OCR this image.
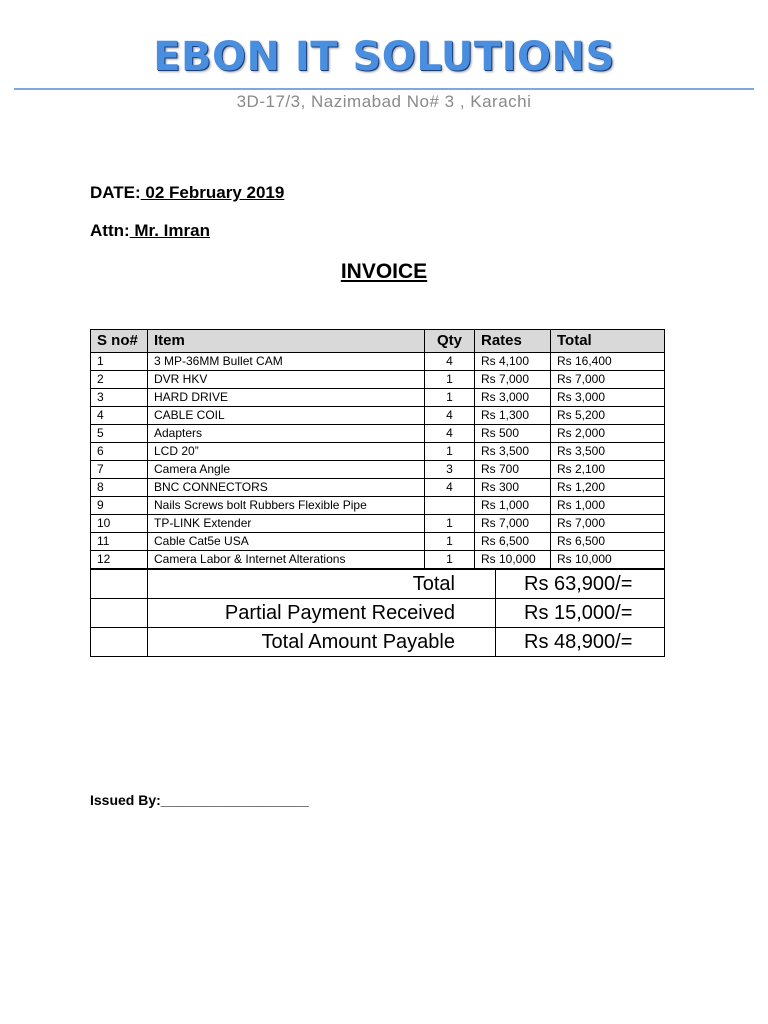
EBON IT SOLUTIONS
3D-17/3, Nazimabad No# 3 , Karachi
DATE: 02 February 2019
Attn: Mr. Imran
INVOICE
S no#	Item	Qty	Rates	Total
1	3 MP-36MM Bullet CAM	4	Rs 4,100	Rs 16,400
2	DVR HKV	1	Rs 7,000	Rs 7,000
3	HARD DRIVE	1	Rs 3,000	Rs 3,000
4	CABLE COIL	4	Rs 1,300	Rs 5,200
5	Adapters	4	Rs 500	Rs 2,000
6	LCD 20”	1	Rs 3,500	Rs 3,500
7	Camera Angle	3	Rs 700	Rs 2,100
8	BNC CONNECTORS	4	Rs 300	Rs 1,200
9	Nails Screws bolt Rubbers Flexible Pipe		Rs 1,000	Rs 1,000
10	TP-LINK Extender	1	Rs 7,000	Rs 7,000
11	Cable Cat5e USA	1	Rs 6,500	Rs 6,500
12	Camera Labor & Internet Alterations	1	Rs 10,000	Rs 10,000
	Total	Rs 63,900/=
	Partial Payment Received	Rs 15,000/=
	Total Amount Payable	Rs 48,900/=
Issued By:___________________
